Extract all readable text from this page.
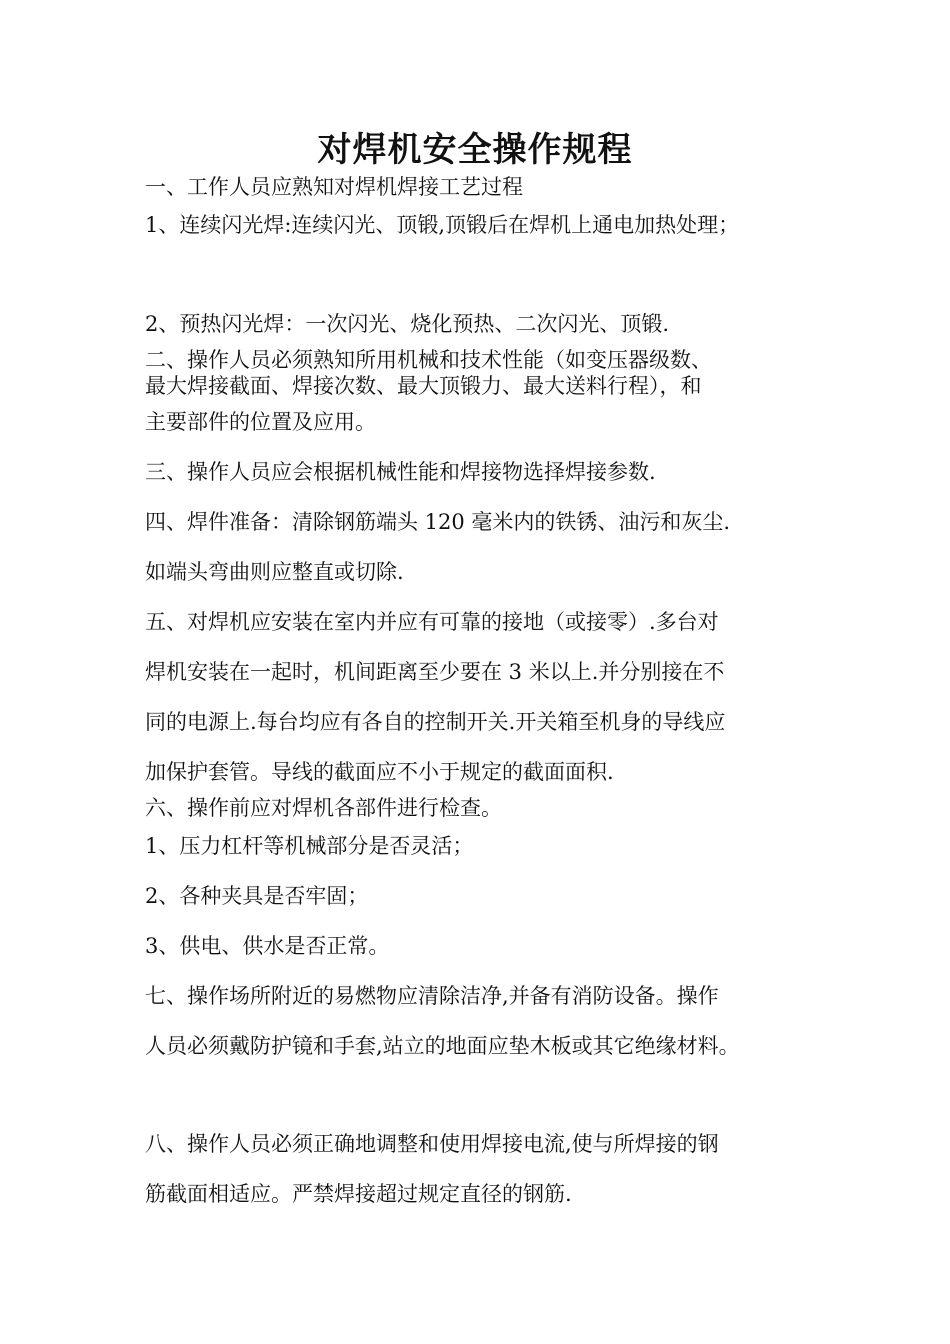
对焊机安全操作规程
一、工作人员应熟知对焊机焊接工艺过程
1、连续闪光焊:连续闪光、顶锻,顶锻后在焊机上通电加热处理；
2、预热闪光焊：一次闪光、烧化预热、二次闪光、顶锻.
二、操作人员必须熟知所用机械和技术性能（如变压器级数、
最大焊接截面、焊接次数、最大顶锻力、最大送料行程），和
主要部件的位置及应用。
三、操作人员应会根据机械性能和焊接物选择焊接参数.
四、焊件准备：清除钢筋端头 120 毫米内的铁锈、油污和灰尘.
如端头弯曲则应整直或切除.
五、对焊机应安装在室内并应有可靠的接地（或接零）.多台对
焊机安装在一起时，机间距离至少要在 3 米以上.并分别接在不
同的电源上.每台均应有各自的控制开关.开关箱至机身的导线应
加保护套管。导线的截面应不小于规定的截面面积.
六、操作前应对焊机各部件进行检查。
1、压力杠杆等机械部分是否灵活；
2、各种夹具是否牢固；
3、供电、供水是否正常。
七、操作场所附近的易燃物应清除洁净,并备有消防设备。操作
人员必须戴防护镜和手套,站立的地面应垫木板或其它绝缘材料。
八、操作人员必须正确地调整和使用焊接电流,使与所焊接的钢
筋截面相适应。严禁焊接超过规定直径的钢筋.
